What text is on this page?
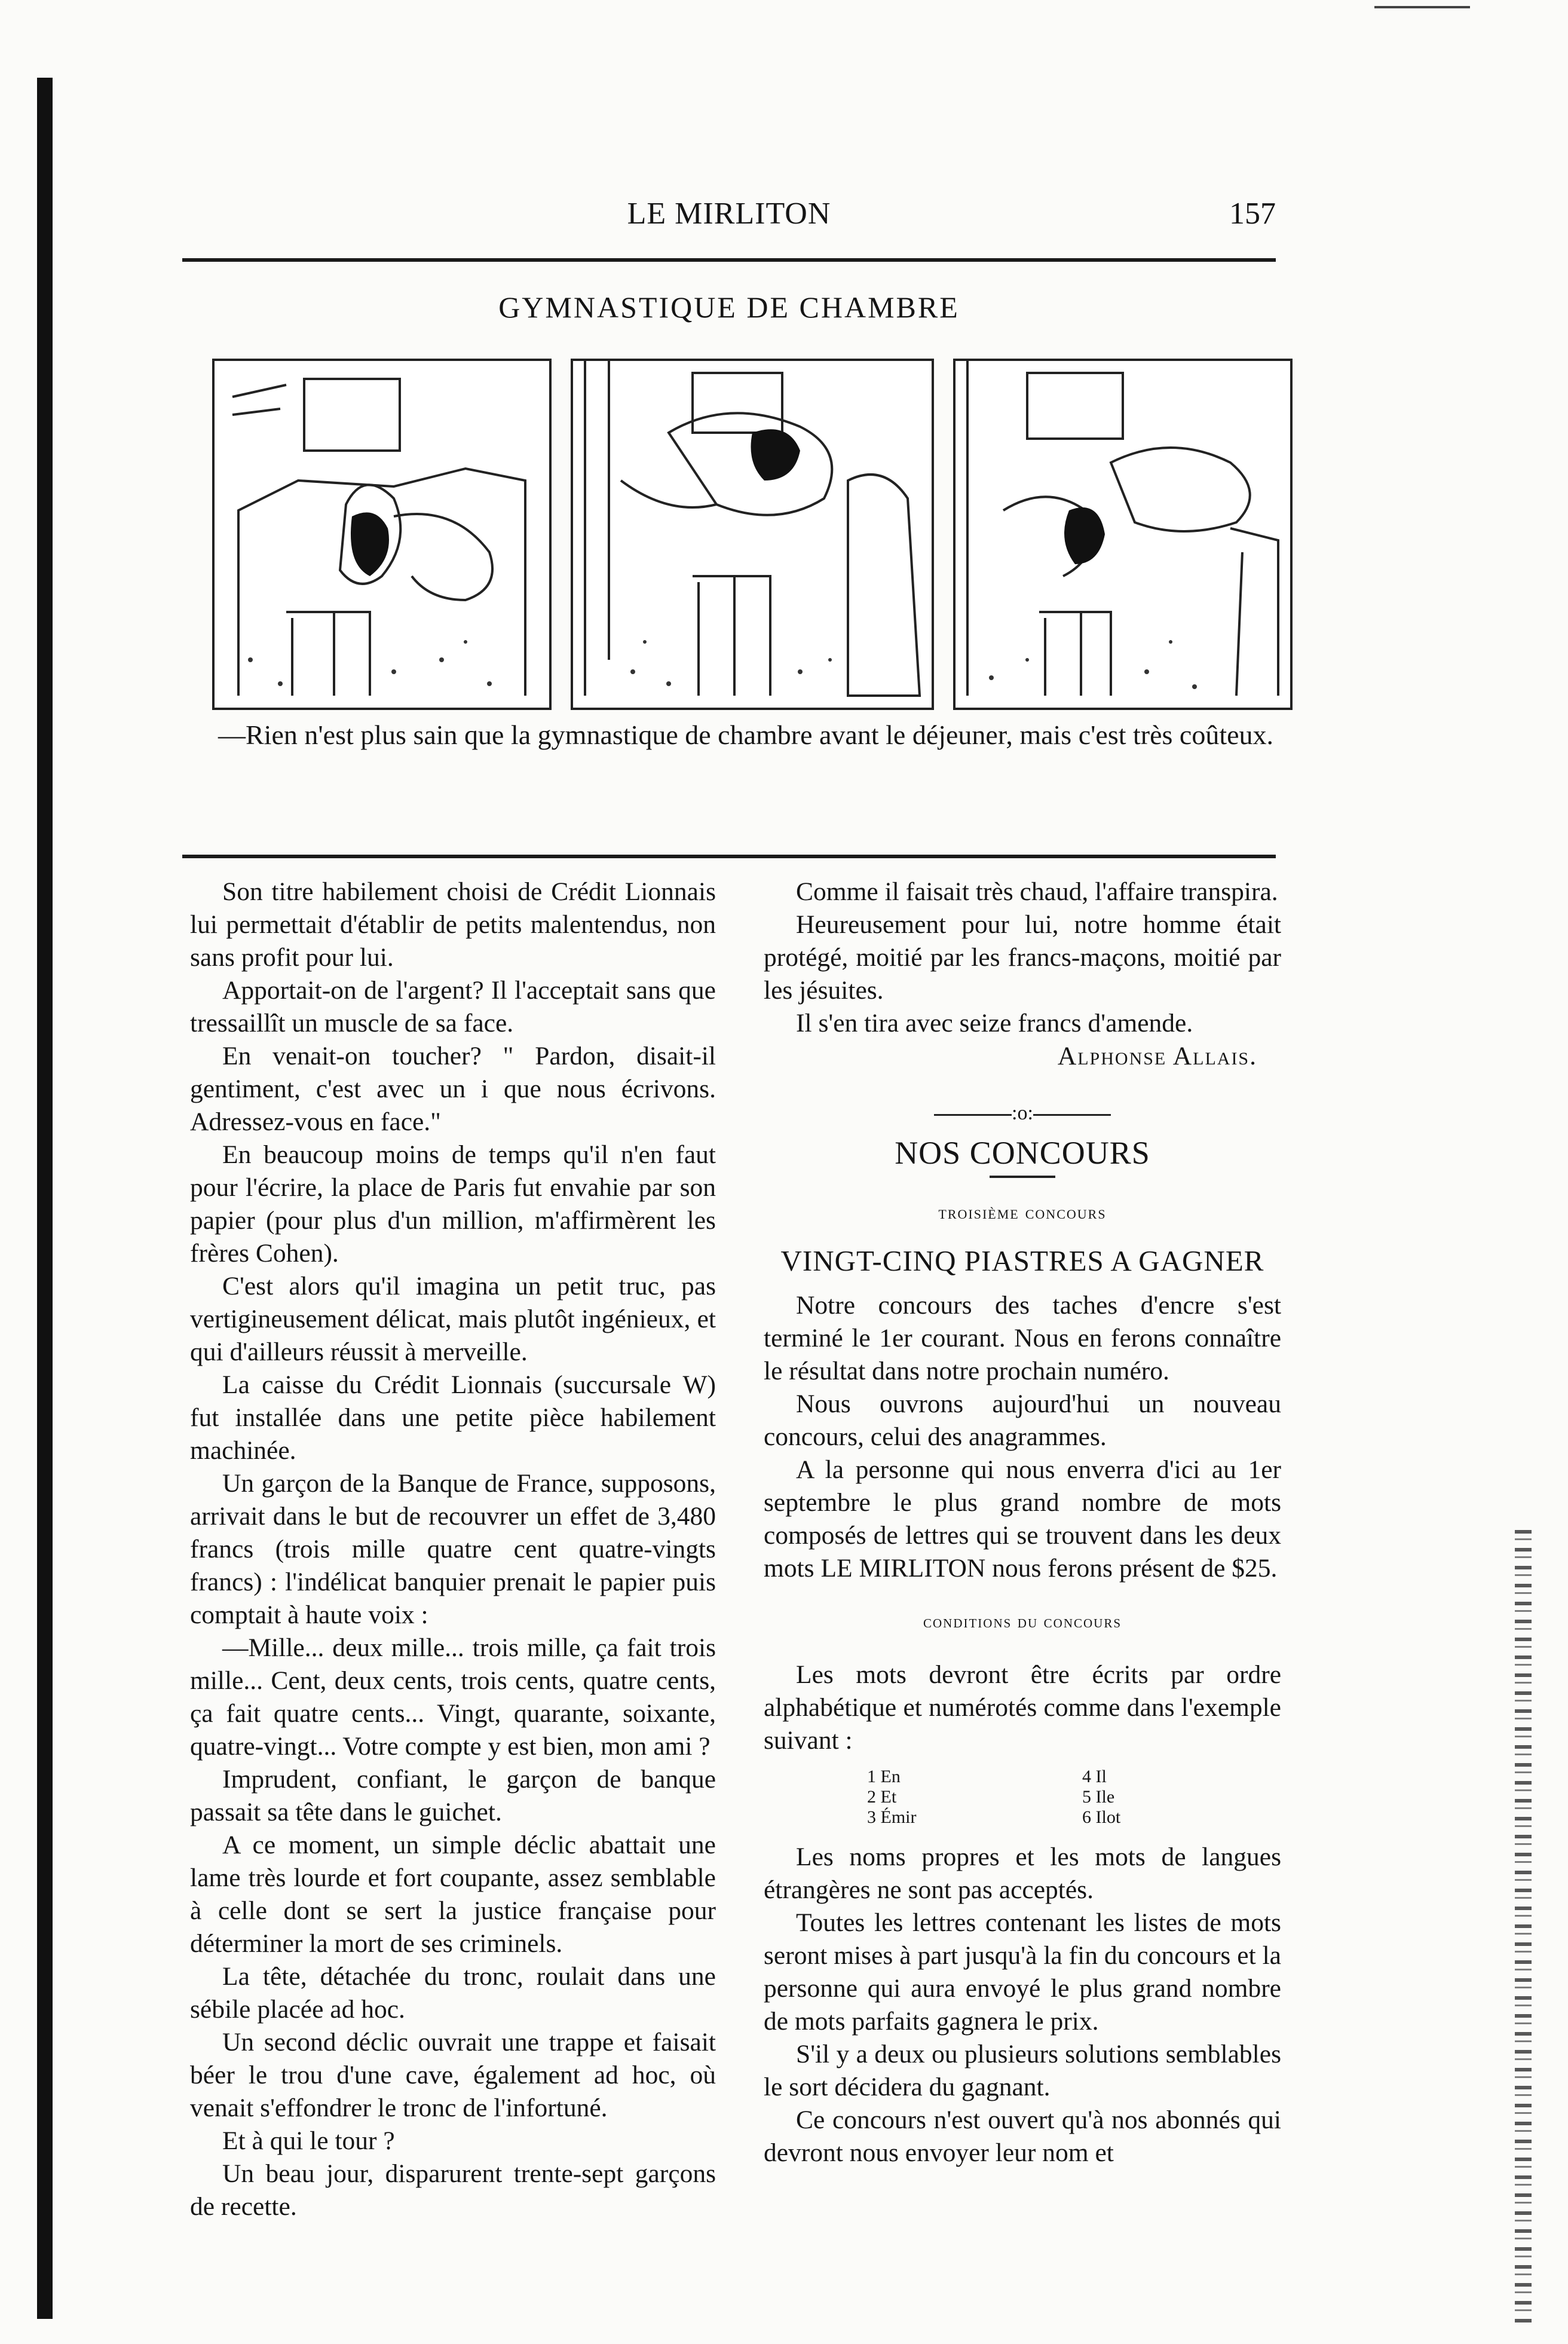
LE MIRLITON	157
GYMNASTIQUE DE CHAMBRE
—Rien n'est plus sain que la gymnastique de chambre avant le déjeuner, mais c'est très coûteux.

Son titre habilement choisi de Crédit Lionnais lui permettait d'établir de petits malentendus, non sans profit pour lui.

Apportait-on de l'argent? Il l'acceptait sans que tressaillît un muscle de sa face.

En venait-on toucher? " Pardon, disait-il gentiment, c'est avec un i que nous écrivons. Adressez-vous en face."

En beaucoup moins de temps qu'il n'en faut pour l'écrire, la place de Paris fut envahie par son papier (pour plus d'un million, m'affirmèrent les frères Cohen).

C'est alors qu'il imagina un petit truc, pas vertigineusement délicat, mais plutôt ingénieux, et qui d'ailleurs réussit à merveille.

La caisse du Crédit Lionnais (succursale W) fut installée dans une petite pièce habilement machinée.

Un garçon de la Banque de France, supposons, arrivait dans le but de recouvrer un effet de 3,480 francs (trois mille quatre cent quatre-vingts francs) : l'indélicat banquier prenait le papier puis comptait à haute voix :

—Mille... deux mille... trois mille, ça fait trois mille... Cent, deux cents, trois cents, quatre cents, ça fait quatre cents... Vingt, quarante, soixante, quatre-vingt... Votre compte y est bien, mon ami ?

Imprudent, confiant, le garçon de banque passait sa tête dans le guichet.

A ce moment, un simple déclic abattait une lame très lourde et fort coupante, assez semblable à celle dont se sert la justice française pour déterminer la mort de ses criminels.

La tête, détachée du tronc, roulait dans une sébile placée ad hoc.

Un second déclic ouvrait une trappe et faisait béer le trou d'une cave, également ad hoc, où venait s'effondrer le tronc de l'infortuné.

Et à qui le tour ?

Un beau jour, disparurent trente-sept garçons de recette.

Comme il faisait très chaud, l'affaire transpira.

Heureusement pour lui, notre homme était protégé, moitié par les francs-maçons, moitié par les jésuites.

Il s'en tira avec seize francs d'amende.

Alphonse Allais.

:o:
NOS CONCOURS
troisième concours
VINGT-CINQ PIASTRES A GAGNER

Notre concours des taches d'encre s'est terminé le 1er courant. Nous en ferons connaître le résultat dans notre prochain numéro.

Nous ouvrons aujourd'hui un nouveau concours, celui des anagrammes.

A la personne qui nous enverra d'ici au 1er septembre le plus grand nombre de mots composés de lettres qui se trouvent dans les deux mots LE MIRLITON nous ferons présent de $25.

conditions du concours

Les mots devront être écrits par ordre alphabétique et numérotés comme dans l'exemple suivant :

1 En
2 Et
3 Émir
4 Il
5 Ile
6 Ilot

Les noms propres et les mots de langues étrangères ne sont pas acceptés.

Toutes les lettres contenant les listes de mots seront mises à part jusqu'à la fin du concours et la personne qui aura envoyé le plus grand nombre de mots parfaits gagnera le prix.

S'il y a deux ou plusieurs solutions semblables le sort décidera du gagnant.

Ce concours n'est ouvert qu'à nos abonnés qui devront nous envoyer leur nom et
